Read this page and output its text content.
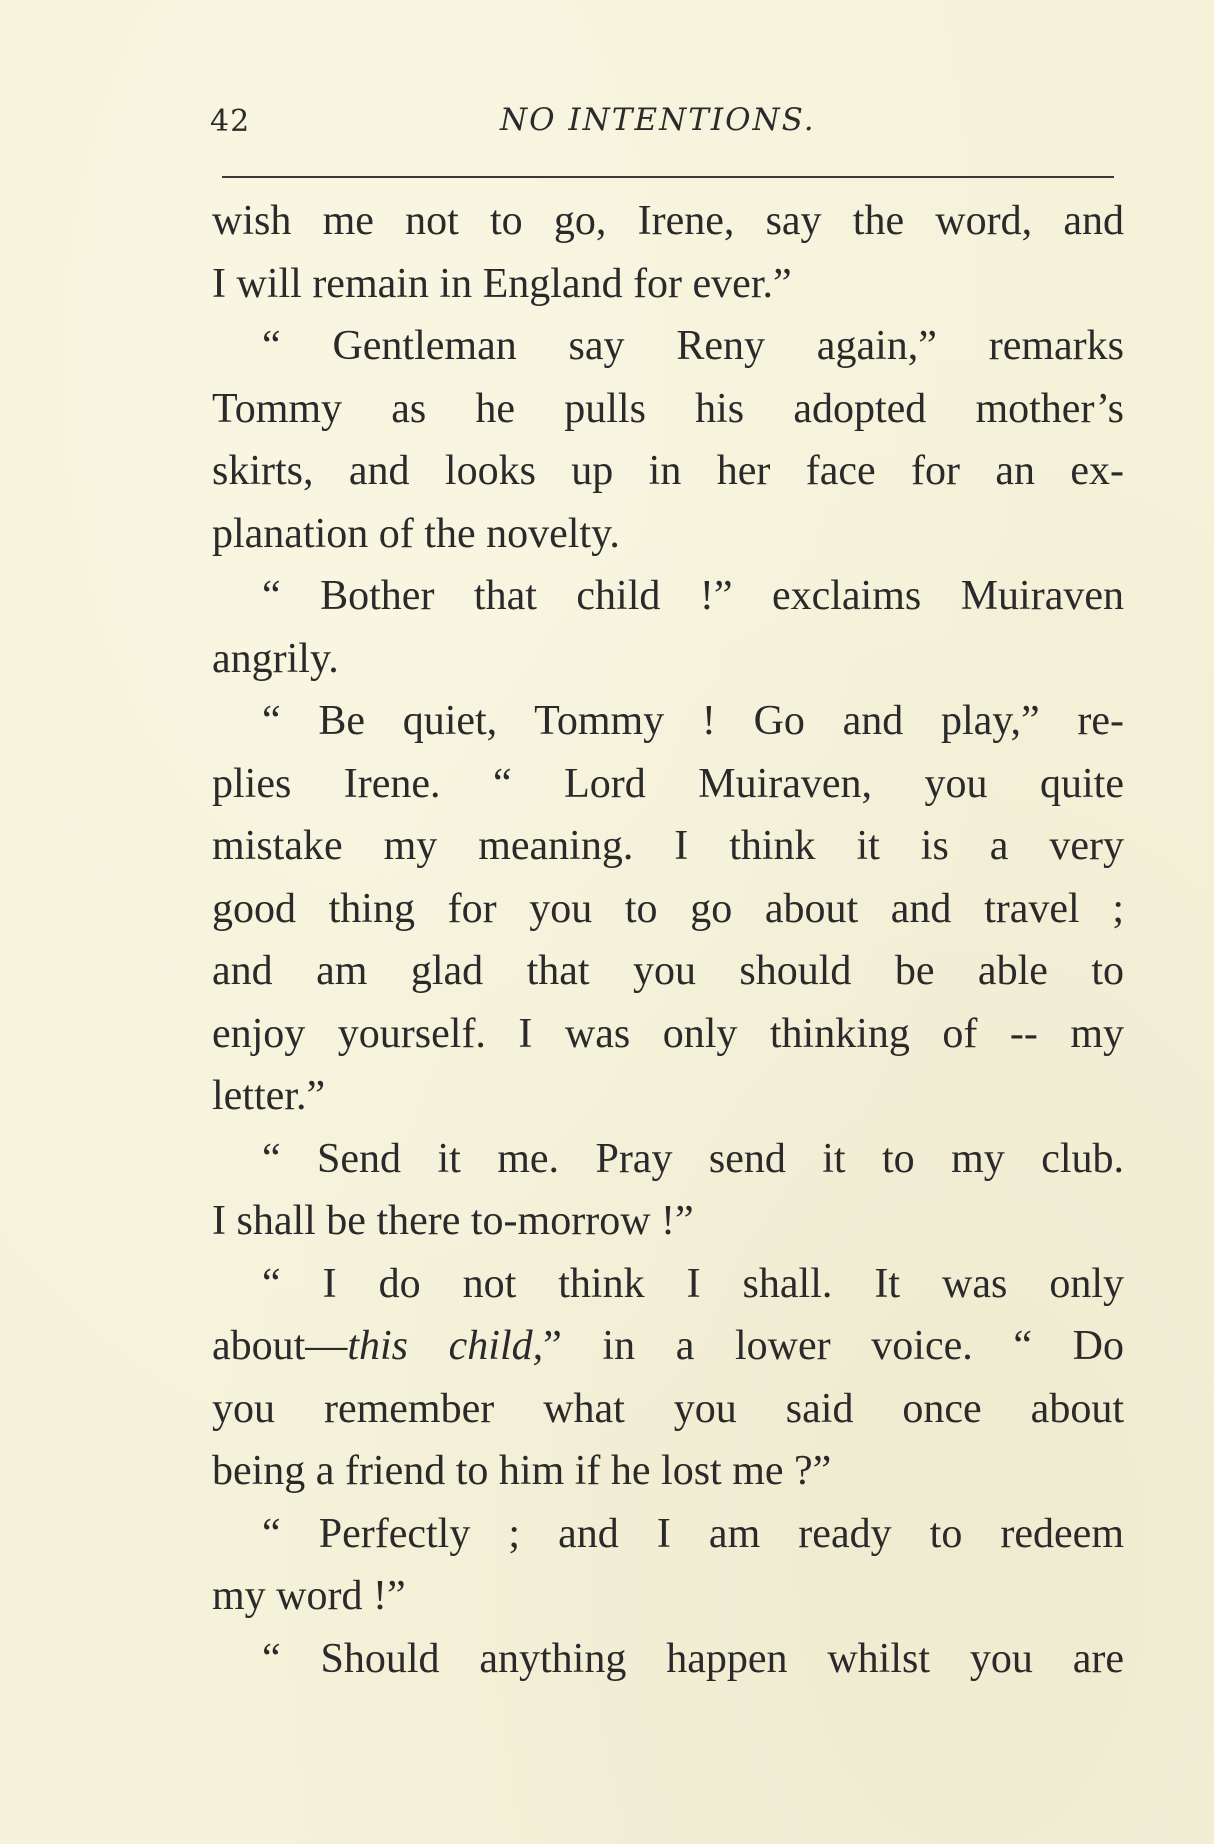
42	NO INTENTIONS.
wish me not to go, Irene, say the word, and
I will remain in England for ever.”
“ Gentleman say Reny again,” remarks
Tommy as he pulls his adopted mother’s
skirts, and looks up in her face for an ex-
planation of the novelty.
“ Bother that child !” exclaims Muiraven
angrily.
“ Be quiet, Tommy ! Go and play,” re-
plies Irene. “ Lord Muiraven, you quite
mistake my meaning. I think it is a very
good thing for you to go about and travel ;
and am glad that you should be able to
enjoy yourself. I was only thinking of -- my
letter.”
“ Send it me. Pray send it to my club.
I shall be there to-morrow !”
“ I do not think I shall. It was only
about—this child,” in a lower voice. “ Do
you remember what you said once about
being a friend to him if he lost me ?”
“ Perfectly ; and I am ready to redeem
my word !”
“ Should anything happen whilst you are
